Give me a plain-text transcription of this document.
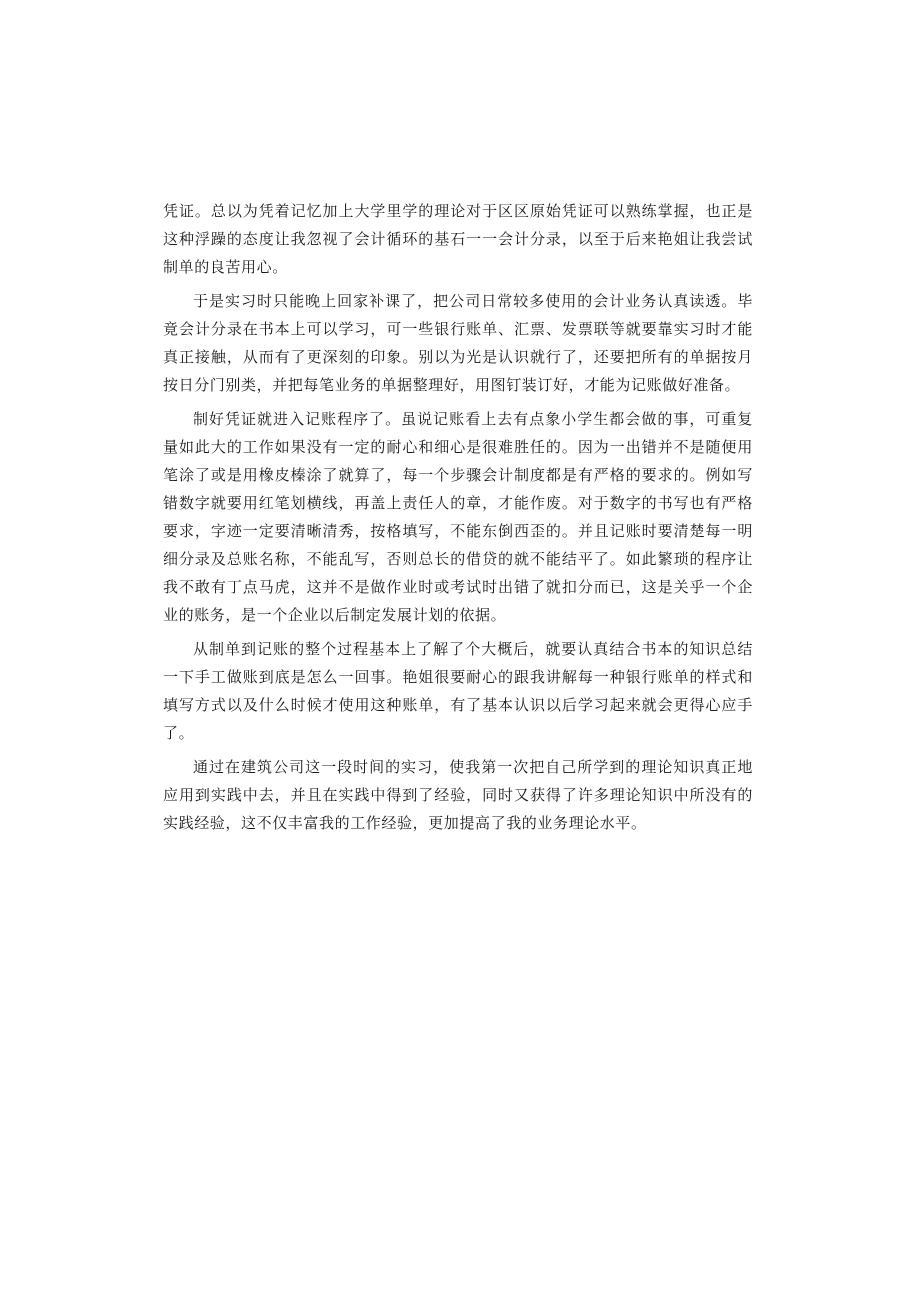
凭证。总以为凭着记忆加上大学里学的理论对于区区原始凭证可以熟练掌握，也正是这种浮躁的态度让我忽视了会计循环的基石一一会计分录，以至于后来艳姐让我尝试制单的良苦用心。

于是实习时只能晚上回家补课了，把公司日常较多使用的会计业务认真读透。毕竟会计分录在书本上可以学习，可一些银行账单、汇票、发票联等就要靠实习时才能真正接触，从而有了更深刻的印象。别以为光是认识就行了，还要把所有的单据按月按日分门别类，并把每笔业务的单据整理好，用图钉装订好，才能为记账做好准备。

制好凭证就进入记账程序了。虽说记账看上去有点象小学生都会做的事，可重复量如此大的工作如果没有一定的耐心和细心是很难胜任的。因为一出错并不是随便用笔涂了或是用橡皮榛涂了就算了，每一个步骤会计制度都是有严格的要求的。例如写错数字就要用红笔划横线，再盖上责任人的章，才能作废。对于数字的书写也有严格要求，字迹一定要清晰清秀，按格填写，不能东倒西歪的。并且记账时要清楚每一明细分录及总账名称，不能乱写，否则总长的借贷的就不能结平了。如此繁琐的程序让我不敢有丁点马虎，这并不是做作业时或考试时出错了就扣分而已，这是关乎一个企业的账务，是一个企业以后制定发展计划的依据。

从制单到记账的整个过程基本上了解了个大概后，就要认真结合书本的知识总结一下手工做账到底是怎么一回事。艳姐很要耐心的跟我讲解每一种银行账单的样式和填写方式以及什么时候才使用这种账单，有了基本认识以后学习起来就会更得心应手了。

通过在建筑公司这一段时间的实习，使我第一次把自己所学到的理论知识真正地应用到实践中去，并且在实践中得到了经验，同时又获得了许多理论知识中所没有的实践经验，这不仅丰富我的工作经验，更加提高了我的业务理论水平。
